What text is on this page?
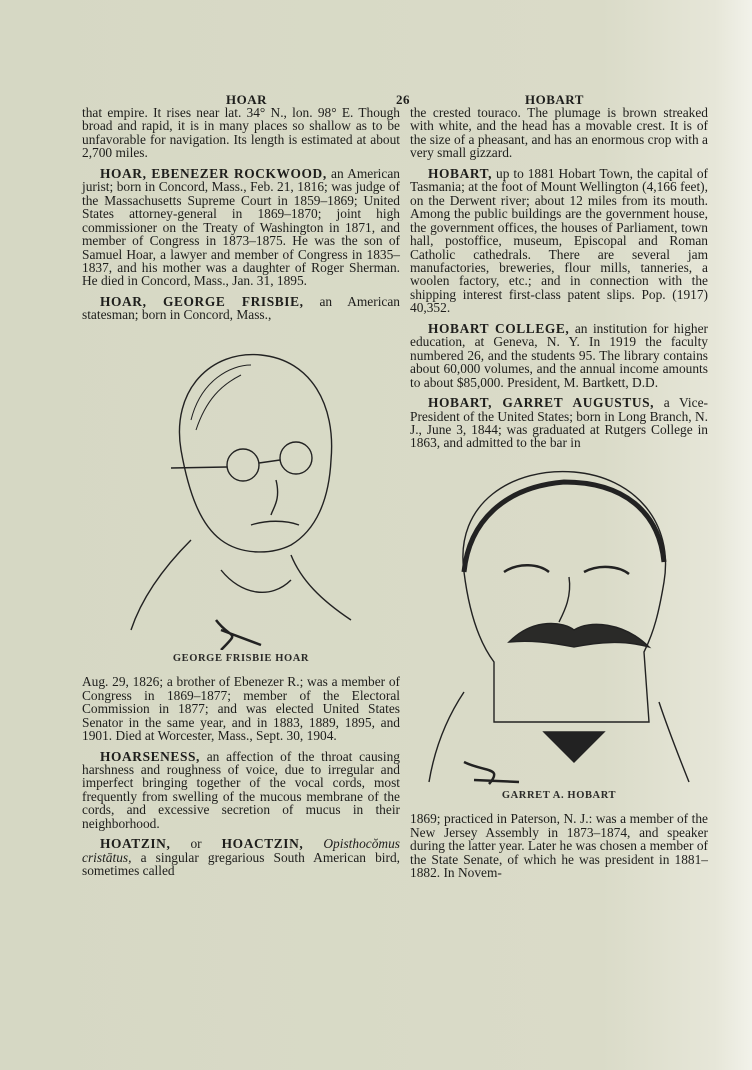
HOAR	26	HOBART

that empire. It rises near lat. 34° N., lon. 98° E. Though broad and rapid, it is in many places so shallow as to be unfavorable for navigation. Its length is estimated at about 2,700 miles.

HOAR, EBENEZER ROCKWOOD, an American jurist; born in Concord, Mass., Feb. 21, 1816; was judge of the Massachusetts Supreme Court in 1859–1869; United States attorney-general in 1869–1870; joint high commissioner on the Treaty of Washington in 1871, and member of Congress in 1873–1875. He was the son of Samuel Hoar, a lawyer and member of Congress in 1835–1837, and his mother was a daughter of Roger Sherman. He died in Concord, Mass., Jan. 31, 1895.

HOAR, GEORGE FRISBIE, an American statesman; born in Concord, Mass.,

GEORGE FRISBIE HOAR

Aug. 29, 1826; a brother of Ebenezer R.; was a member of Congress in 1869–1877; member of the Electoral Commission in 1877; and was elected United States Senator in the same year, and in 1883, 1889, 1895, and 1901. Died at Worcester, Mass., Sept. 30, 1904.

HOARSENESS, an affection of the throat causing harshness and roughness of voice, due to irregular and imperfect bringing together of the vocal cords, most frequently from swelling of the mucous membrane of the cords, and excessive secretion of mucus in their neighborhood.

HOATZIN, or HOACTZIN, Opisthocŏmus cristātus, a singular gregarious South American bird, sometimes called

the crested touraco. The plumage is brown streaked with white, and the head has a movable crest. It is of the size of a pheasant, and has an enormous crop with a very small gizzard.

HOBART, up to 1881 Hobart Town, the capital of Tasmania; at the foot of Mount Wellington (4,166 feet), on the Derwent river; about 12 miles from its mouth. Among the public buildings are the government house, the government offices, the houses of Parliament, town hall, postoffice, museum, Episcopal and Roman Catholic cathedrals. There are several jam manufactories, breweries, flour mills, tanneries, a woolen factory, etc.; and in connection with the shipping interest first-class patent slips. Pop. (1917) 40,352.

HOBART COLLEGE, an institution for higher education, at Geneva, N. Y. In 1919 the faculty numbered 26, and the students 95. The library contains about 60,000 volumes, and the annual income amounts to about $85,000. President, M. Bartkett, D.D.

HOBART, GARRET AUGUSTUS, a Vice-President of the United States; born in Long Branch, N. J., June 3, 1844; was graduated at Rutgers College in 1863, and admitted to the bar in

GARRET A. HOBART

1869; practiced in Paterson, N. J.: was a member of the New Jersey Assembly in 1873–1874, and speaker during the latter year. Later he was chosen a member of the State Senate, of which he was president in 1881–1882. In Novem-
